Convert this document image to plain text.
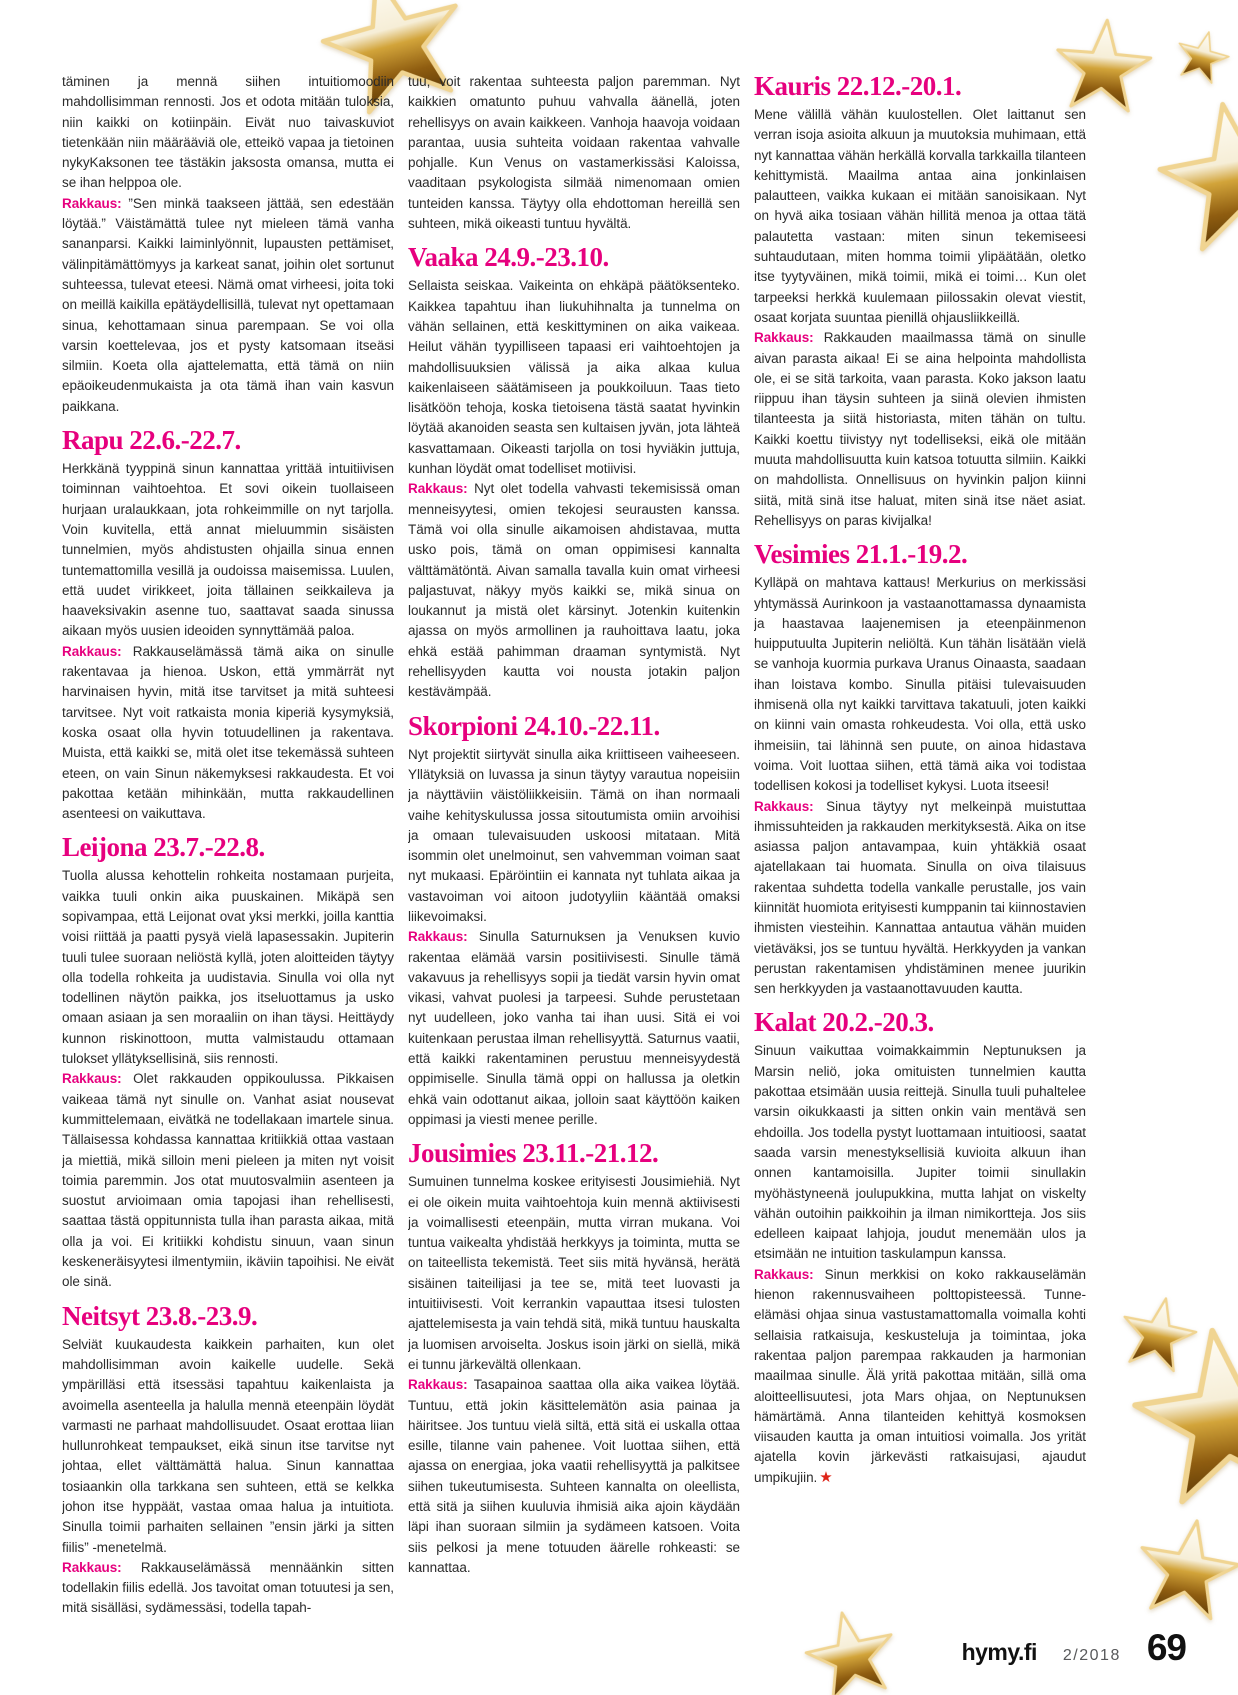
täminen ja mennä siihen intuitiomoodiin mahdollisimman rennosti. Jos et odota mitään tuloksia, niin kaikki on kotiinpäin. Eivät nuo taivaskuviot tietenkään niin määrääviä ole, etteikö vapaa ja tietoinen nykyKaksonen tee tästäkin jaksosta omansa, mutta ei se ihan helppoa ole.

Rakkaus: ”Sen minkä taakseen jättää, sen edestään löytää.” Väistämättä tulee nyt mieleen tämä vanha sananparsi. Kaikki laiminlyönnit, lupausten pettämiset, välinpitämättömyys ja karkeat sanat, joihin olet sortunut suhteessa, tulevat eteesi. Nämä omat virheesi, joita toki on meillä kaikilla epätäydellisillä, tulevat nyt opettamaan sinua, kehottamaan sinua parempaan. Se voi olla varsin koettelevaa, jos et pysty katsomaan itseäsi silmiin. Koeta olla ajattelematta, että tämä on niin epäoikeudenmukaista ja ota tämä ihan vain kasvun paikkana.

Rapu 22.6.-22.7.

Herkkänä tyyppinä sinun kannattaa yrittää intuitiivisen toiminnan vaihtoehtoa. Et sovi oikein tuollaiseen hurjaan uralaukkaan, jota rohkeimmille on nyt tarjolla. Voin kuvitella, että annat mieluummin sisäisten tunnelmien, myös ahdistusten ohjailla sinua ennen tuntemattomilla vesillä ja oudoissa maisemissa. Luulen, että uudet virikkeet, joita tällainen seikkaileva ja haaveksivakin asenne tuo, saattavat saada sinussa aikaan myös uusien ideoiden synnyttämää paloa.

Rakkaus: Rakkauselämässä tämä aika on sinulle rakentavaa ja hienoa. Uskon, että ymmärrät nyt harvinaisen hyvin, mitä itse tarvitset ja mitä suhteesi tarvitsee. Nyt voit ratkaista monia kiperiä kysymyksiä, koska osaat olla hyvin totuudellinen ja rakentava. Muista, että kaikki se, mitä olet itse tekemässä suhteen eteen, on vain Sinun näkemyksesi rakkaudesta. Et voi pakottaa ketään mihinkään, mutta rakkaudellinen asenteesi on vaikuttava.

Leijona 23.7.-22.8.

Tuolla alussa kehottelin rohkeita nostamaan purjeita, vaikka tuuli onkin aika puuskainen. Mikäpä sen sopivampaa, että Leijonat ovat yksi merkki, joilla kanttia voisi riittää ja paatti pysyä vielä lapasessakin. Jupiterin tuuli tulee suoraan neliöstä kyllä, joten aloitteiden täytyy olla todella rohkeita ja uudistavia. Sinulla voi olla nyt todellinen näytön paikka, jos itseluottamus ja usko omaan asiaan ja sen moraaliin on ihan täysi. Heittäydy kunnon riskinottoon, mutta valmistaudu ottamaan tulokset yllätyksellisinä, siis rennosti.

Rakkaus: Olet rakkauden oppikoulussa. Pikkaisen vaikeaa tämä nyt sinulle on. Vanhat asiat nousevat kummittelemaan, eivätkä ne todellakaan imartele sinua. Tällaisessa kohdassa kannattaa kritiikkiä ottaa vastaan ja miettiä, mikä silloin meni pieleen ja miten nyt voisit toimia paremmin. Jos otat muutosvalmiin asenteen ja suostut arvioimaan omia tapojasi ihan rehellisesti, saattaa tästä oppitunnista tulla ihan parasta aikaa, mitä olla ja voi. Ei kritiikki kohdistu sinuun, vaan sinun keskeneräisyytesi ilmentymiin, ikäviin tapoihisi. Ne eivät ole sinä.

Neitsyt 23.8.-23.9.

Selviät kuukaudesta kaikkein parhaiten, kun olet mahdollisimman avoin kaikelle uudelle. Sekä ympärilläsi että itsessäsi tapahtuu kaikenlaista ja avoimella asenteella ja halulla mennä eteenpäin löydät varmasti ne parhaat mahdollisuudet. Osaat erottaa liian hullunrohkeat tempaukset, eikä sinun itse tarvitse nyt johtaa, ellet välttämättä halua. Sinun kannattaa tosiaankin olla tarkkana sen suhteen, että se kelkka johon itse hyppäät, vastaa omaa halua ja intuitiota. Sinulla toimii parhaiten sellainen ”ensin järki ja sitten fiilis” -menetelmä.

Rakkaus: Rakkauselämässä mennäänkin sitten todellakin fiilis edellä. Jos tavoitat oman totuutesi ja sen, mitä sisälläsi, sydämessäsi, todella tapah-

tuu, voit rakentaa suhteesta paljon paremman. Nyt kaikkien omatunto puhuu vahvalla äänellä, joten rehellisyys on avain kaikkeen. Vanhoja haavoja voidaan parantaa, uusia suhteita voidaan rakentaa vahvalle pohjalle. Kun Venus on vastamerkissäsi Kaloissa, vaaditaan psykologista silmää nimenomaan omien tunteiden kanssa. Täytyy olla ehdottoman hereillä sen suhteen, mikä oikeasti tuntuu hyvältä.

Vaaka 24.9.-23.10.

Sellaista seiskaa. Vaikeinta on ehkäpä päätöksenteko. Kaikkea tapahtuu ihan liukuhihnalta ja tunnelma on vähän sellainen, että keskittyminen on aika vaikeaa. Heilut vähän tyypilliseen tapaasi eri vaihtoehtojen ja mahdollisuuksien välissä ja aika alkaa kulua kaikenlaiseen säätämiseen ja poukkoiluun. Taas tieto lisätköön tehoja, koska tietoisena tästä saatat hyvinkin löytää akanoiden seasta sen kultaisen jyvän, jota lähteä kasvattamaan. Oikeasti tarjolla on tosi hyviäkin juttuja, kunhan löydät omat todelliset motiivisi.

Rakkaus: Nyt olet todella vahvasti tekemisissä oman menneisyytesi, omien tekojesi seurausten kanssa. Tämä voi olla sinulle aikamoisen ahdistavaa, mutta usko pois, tämä on oman oppimisesi kannalta välttämätöntä. Aivan samalla tavalla kuin omat virheesi paljastuvat, näkyy myös kaikki se, mikä sinua on loukannut ja mistä olet kärsinyt. Jotenkin kuitenkin ajassa on myös armollinen ja rauhoittava laatu, joka ehkä estää pahimman draaman syntymistä. Nyt rehellisyyden kautta voi nousta jotakin paljon kestävämpää.

Skorpioni 24.10.-22.11.

Nyt projektit siirtyvät sinulla aika kriittiseen vaiheeseen. Yllätyksiä on luvassa ja sinun täytyy varautua nopeisiin ja näyttäviin väistöliikkeisiin. Tämä on ihan normaali vaihe kehityskulussa jossa sitoutumista omiin arvoihisi ja omaan tulevaisuuden uskoosi mitataan. Mitä isommin olet unelmoinut, sen vahvemman voiman saat nyt mukaasi. Epäröintiin ei kannata nyt tuhlata aikaa ja vastavoiman voi aitoon judotyyliin kääntää omaksi liikevoimaksi.

Rakkaus: Sinulla Saturnuksen ja Venuksen kuvio rakentaa elämää varsin positiivisesti. Sinulle tämä vakavuus ja rehellisyys sopii ja tiedät varsin hyvin omat vikasi, vahvat puolesi ja tarpeesi. Suhde perustetaan nyt uudelleen, joko vanha tai ihan uusi. Sitä ei voi kuitenkaan perustaa ilman rehellisyyttä. Saturnus vaatii, että kaikki rakentaminen perustuu menneisyydestä oppimiselle. Sinulla tämä oppi on hallussa ja oletkin ehkä vain odottanut aikaa, jolloin saat käyttöön kaiken oppimasi ja viesti menee perille.

Jousimies 23.11.-21.12.

Sumuinen tunnelma koskee erityisesti Jousimiehiä. Nyt ei ole oikein muita vaihtoehtoja kuin mennä aktiivisesti ja voimallisesti eteenpäin, mutta virran mukana. Voi tuntua vaikealta yhdistää herkkyys ja toiminta, mutta se on taiteellista tekemistä. Teet siis mitä hyvänsä, herätä sisäinen taiteilijasi ja tee se, mitä teet luovasti ja intuitiivisesti. Voit kerrankin vapauttaa itsesi tulosten ajattelemisesta ja vain tehdä sitä, mikä tuntuu hauskalta ja luomisen arvoiselta. Joskus isoin järki on siellä, mikä ei tunnu järkevältä ollenkaan.

Rakkaus: Tasapainoa saattaa olla aika vaikea löytää. Tuntuu, että jokin käsittelemätön asia painaa ja häiritsee. Jos tuntuu vielä siltä, että sitä ei uskalla ottaa esille, tilanne vain pahenee. Voit luottaa siihen, että ajassa on energiaa, joka vaatii rehellisyyttä ja palkitsee siihen tukeutumisesta. Suhteen kannalta on oleellista, että sitä ja siihen kuuluvia ihmisiä aika ajoin käydään läpi ihan suoraan silmiin ja sydämeen katsoen. Voita siis pelkosi ja mene totuuden äärelle rohkeasti: se kannattaa.

Kauris 22.12.-20.1.

Mene välillä vähän kuulostellen. Olet laittanut sen verran isoja asioita alkuun ja muutoksia muhimaan, että nyt kannattaa vähän herkällä korvalla tarkkailla tilanteen kehittymistä. Maailma antaa aina jonkinlaisen palautteen, vaikka kukaan ei mitään sanoisikaan. Nyt on hyvä aika tosiaan vähän hillitä menoa ja ottaa tätä palautetta vastaan: miten sinun tekemiseesi suhtaudutaan, miten homma toimii ylipäätään, oletko itse tyytyväinen, mikä toimii, mikä ei toimi… Kun olet tarpeeksi herkkä kuulemaan piilossakin olevat viestit, osaat korjata suuntaa pienillä ohjausliikkeillä.

Rakkaus: Rakkauden maailmassa tämä on sinulle aivan parasta aikaa! Ei se aina helpointa mahdollista ole, ei se sitä tarkoita, vaan parasta. Koko jakson laatu riippuu ihan täysin suhteen ja siinä olevien ihmisten tilanteesta ja siitä historiasta, miten tähän on tultu. Kaikki koettu tiivistyy nyt todelliseksi, eikä ole mitään muuta mahdollisuutta kuin katsoa totuutta silmiin. Kaikki on mahdollista. Onnellisuus on hyvinkin paljon kiinni siitä, mitä sinä itse haluat, miten sinä itse näet asiat. Rehellisyys on paras kivijalka!

Vesimies 21.1.-19.2.

Kylläpä on mahtava kattaus! Merkurius on merkissäsi yhtymässä Aurinkoon ja vastaanottamassa dynaamista ja haastavaa laajenemisen ja eteenpäinmenon huipputuulta Jupiterin neliöltä. Kun tähän lisätään vielä se vanhoja kuormia purkava Uranus Oinaasta, saadaan ihan loistava kombo. Sinulla pitäisi tulevaisuuden ihmisenä olla nyt kaikki tarvittava takatuuli, joten kaikki on kiinni vain omasta rohkeudesta. Voi olla, että usko ihmeisiin, tai lähinnä sen puute, on ainoa hidastava voima. Voit luottaa siihen, että tämä aika voi todistaa todellisen kokosi ja todelliset kykysi. Luota itseesi!

Rakkaus: Sinua täytyy nyt melkeinpä muistuttaa ihmissuhteiden ja rakkauden merkityksestä. Aika on itse asiassa paljon antavampaa, kuin yhtäkkiä osaat ajatellakaan tai huomata. Sinulla on oiva tilaisuus rakentaa suhdetta todella vankalle perustalle, jos vain kiinnität huomiota erityisesti kumppanin tai kiinnostavien ihmisten viesteihin. Kannattaa antautua vähän muiden vietäväksi, jos se tuntuu hyvältä. Herkkyyden ja vankan perustan rakentamisen yhdistäminen menee juurikin sen herkkyyden ja vastaanottavuuden kautta.

Kalat 20.2.-20.3.

Sinuun vaikuttaa voimakkaimmin Neptunuksen ja Marsin neliö, joka omituisten tunnelmien kautta pakottaa etsimään uusia reittejä. Sinulla tuuli puhaltelee varsin oikukkaasti ja sitten onkin vain mentävä sen ehdoilla. Jos todella pystyt luottamaan intuitioosi, saatat saada varsin menestyksellisiä kuvioita alkuun ihan onnen kantamoisilla. Jupiter toimii sinullakin myöhästyneenä joulupukkina, mutta lahjat on viskelty vähän outoihin paikkoihin ja ilman nimikortteja. Jos siis edelleen kaipaat lahjoja, joudut menemään ulos ja etsimään ne intuition taskulampun kanssa.

Rakkaus: Sinun merkkisi on koko rakkauselämän hienon rakennusvaiheen polttopisteessä. Tunne-elämäsi ohjaa sinua vastustamattomalla voimalla kohti sellaisia ratkaisuja, keskusteluja ja toimintaa, joka rakentaa paljon parempaa rakkauden ja harmonian maailmaa sinulle. Älä yritä pakottaa mitään, sillä oma aloitteellisuutesi, jota Mars ohjaa, on Neptunuksen hämärtämä. Anna tilanteiden kehittyä kosmoksen viisauden kautta ja oman intuitiosi voimalla. Jos yrität ajatella kovin järkevästi ratkaisujasi, ajaudut umpikujiin. ★

hymy.fi 2/2018 69
